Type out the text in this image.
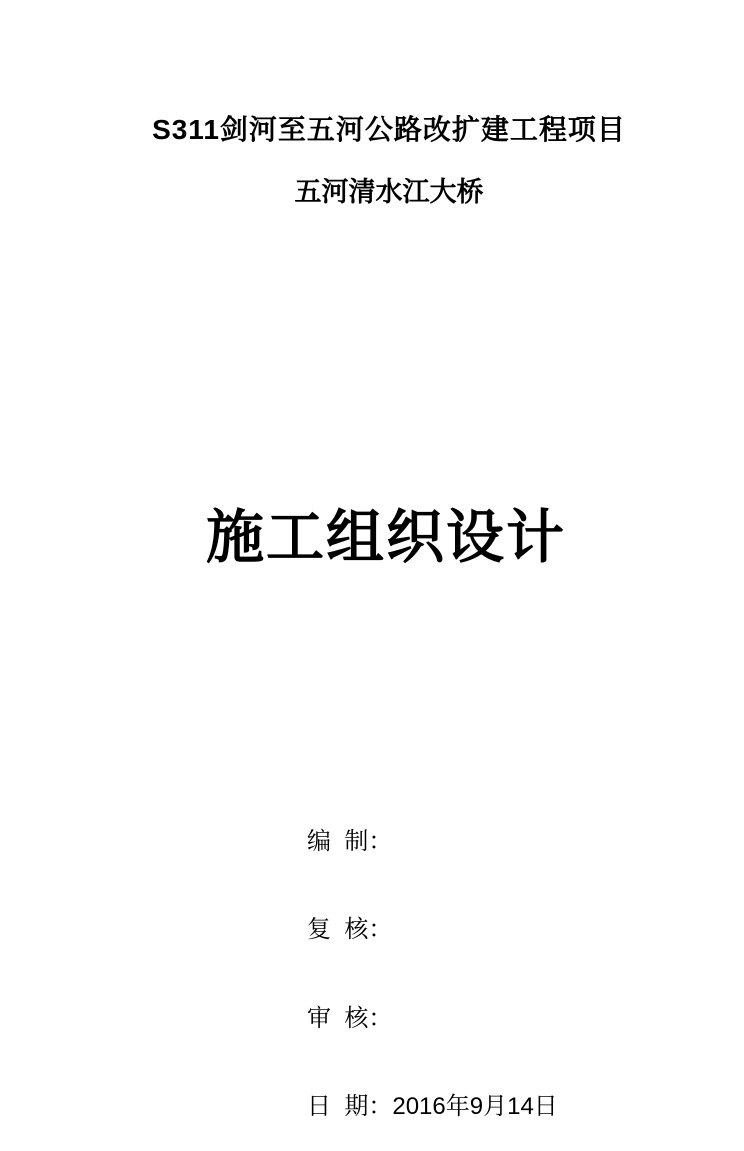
S311剑河至五河公路改扩建工程项目
五河清水江大桥
施工组织设计

编  制：

复  核：

审  核：

日  期：2016年9月14日
